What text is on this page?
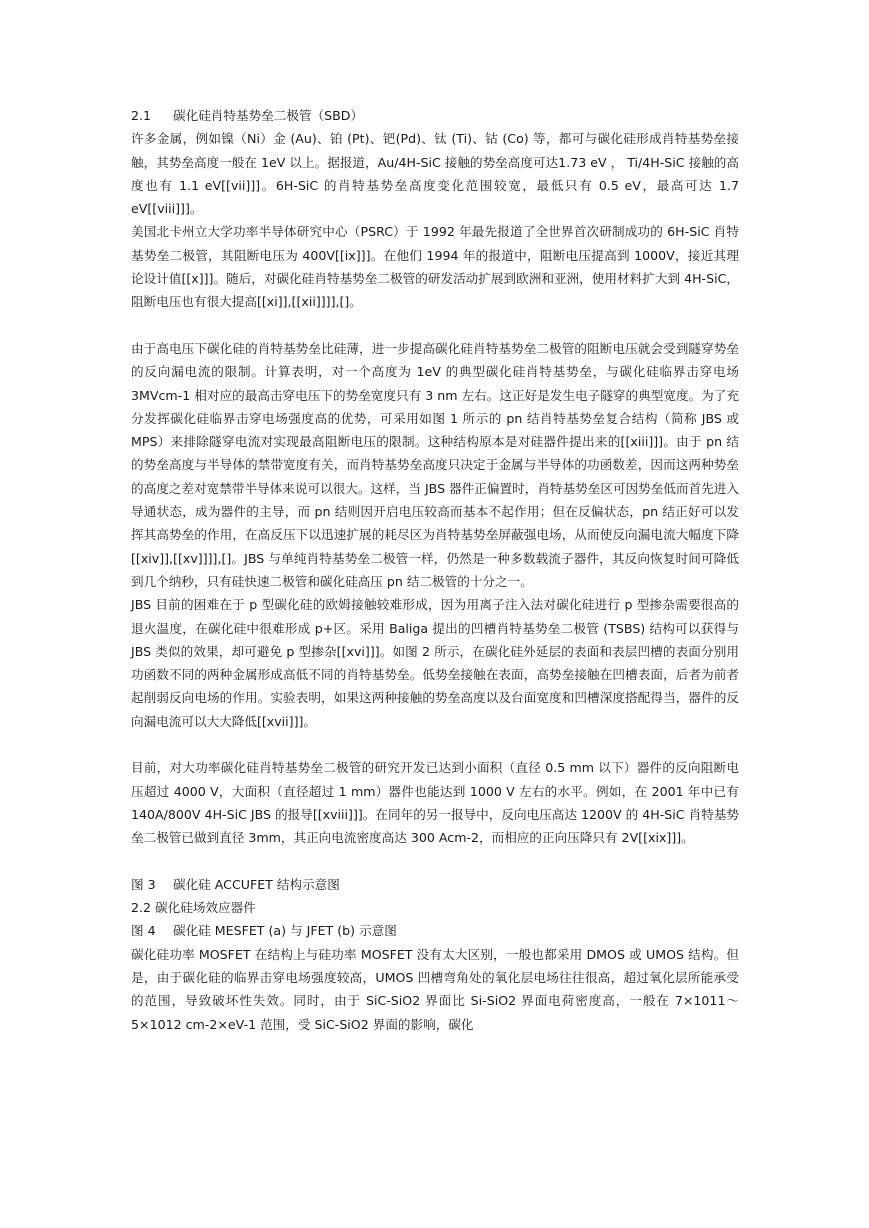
2.1 碳化硅肖特基势垒二极管（SBD）

许多金属，例如镍（Ni）金 (Au)、铂 (Pt)、钯(Pd)、钛 (Ti)、钴 (Co) 等，都可与碳化硅形成肖特基势垒接触，其势垒高度一般在 1eV 以上。据报道，Au/4H-SiC 接触的势垒高度可达1.73 eV ， Ti/4H-SiC 接触的高度也有 1.1 eV[[vii]]]。6H-SiC 的肖特基势垒高度变化范围较宽，最低只有 0.5 eV，最高可达 1.7 eV[[viii]]]。

美国北卡州立大学功率半导体研究中心（PSRC）于 1992 年最先报道了全世界首次研制成功的 6H-SiC 肖特基势垒二极管，其阻断电压为 400V[[ix]]]。在他们 1994 年的报道中，阻断电压提高到 1000V，接近其理论设计值[[x]]]。随后，对碳化硅肖特基势垒二极管的研发活动扩展到欧洲和亚洲，使用材料扩大到 4H-SiC，阻断电压也有很大提高[[xi]],[[xii]]]],[]。

由于高电压下碳化硅的肖特基势垒比硅薄，进一步提高碳化硅肖特基势垒二极管的阻断电压就会受到隧穿势垒的反向漏电流的限制。计算表明，对一个高度为 1eV 的典型碳化硅肖特基势垒，与碳化硅临界击穿电场 3MVcm-1 相对应的最高击穿电压下的势垒宽度只有 3 nm 左右。这正好是发生电子隧穿的典型宽度。为了充分发挥碳化硅临界击穿电场强度高的优势，可采用如图 1 所示的 pn 结肖特基势垒复合结构（简称 JBS 或 MPS）来排除隧穿电流对实现最高阻断电压的限制。这种结构原本是对硅器件提出来的[[xiii]]]。由于 pn 结的势垒高度与半导体的禁带宽度有关，而肖特基势垒高度只决定于金属与半导体的功函数差，因而这两种势垒的高度之差对宽禁带半导体来说可以很大。这样，当 JBS 器件正偏置时，肖特基势垒区可因势垒低而首先进入导通状态，成为器件的主导，而 pn 结则因开启电压较高而基本不起作用；但在反偏状态，pn 结正好可以发挥其高势垒的作用，在高反压下以迅速扩展的耗尽区为肖特基势垒屏蔽强电场，从而使反向漏电流大幅度下降[[xiv]],[[xv]]]],[]。JBS 与单纯肖特基势垒二极管一样，仍然是一种多数载流子器件，其反向恢复时间可降低到几个纳秒，只有硅快速二极管和碳化硅高压 pn 结二极管的十分之一。

JBS 目前的困难在于 p 型碳化硅的欧姆接触较难形成，因为用离子注入法对碳化硅进行 p 型掺杂需要很高的退火温度，在碳化硅中很难形成 p+区。采用 Baliga 提出的凹槽肖特基势垒二极管 (TSBS) 结构可以获得与 JBS 类似的效果，却可避免 p 型掺杂[[xvi]]]。如图 2 所示，在碳化硅外延层的表面和表层凹槽的表面分别用功函数不同的两种金属形成高低不同的肖特基势垒。低势垒接触在表面，高势垒接触在凹槽表面，后者为前者起削弱反向电场的作用。实验表明，如果这两种接触的势垒高度以及台面宽度和凹槽深度搭配得当，器件的反向漏电流可以大大降低[[xvii]]]。

目前，对大功率碳化硅肖特基势垒二极管的研究开发已达到小面积（直径 0.5 mm 以下）器件的反向阻断电压超过 4000 V，大面积（直径超过 1 mm）器件也能达到 1000 V 左右的水平。例如，在 2001 年中已有 140A/800V 4H-SiC JBS 的报导[[xviii]]]。在同年的另一报导中，反向电压高达 1200V 的 4H-SiC 肖特基势垒二极管已做到直径 3mm，其正向电流密度高达 300 Acm-2，而相应的正向压降只有 2V[[xix]]]。

图 3 碳化硅 ACCUFET 结构示意图

2.2 碳化硅场效应器件

图 4 碳化硅 MESFET (a) 与 JFET (b) 示意图

碳化硅功率 MOSFET 在结构上与硅功率 MOSFET 没有太大区别，一般也都采用 DMOS 或 UMOS 结构。但是，由于碳化硅的临界击穿电场强度较高，UMOS 凹槽弯角处的氧化层电场往往很高，超过氧化层所能承受的范围，导致破坏性失效。同时，由于 SiC-SiO2 界面比 Si-SiO2 界面电荷密度高，一般在 7×1011～5×1012 cm-2×eV-1 范围，受 SiC-SiO2 界面的影响，碳化
